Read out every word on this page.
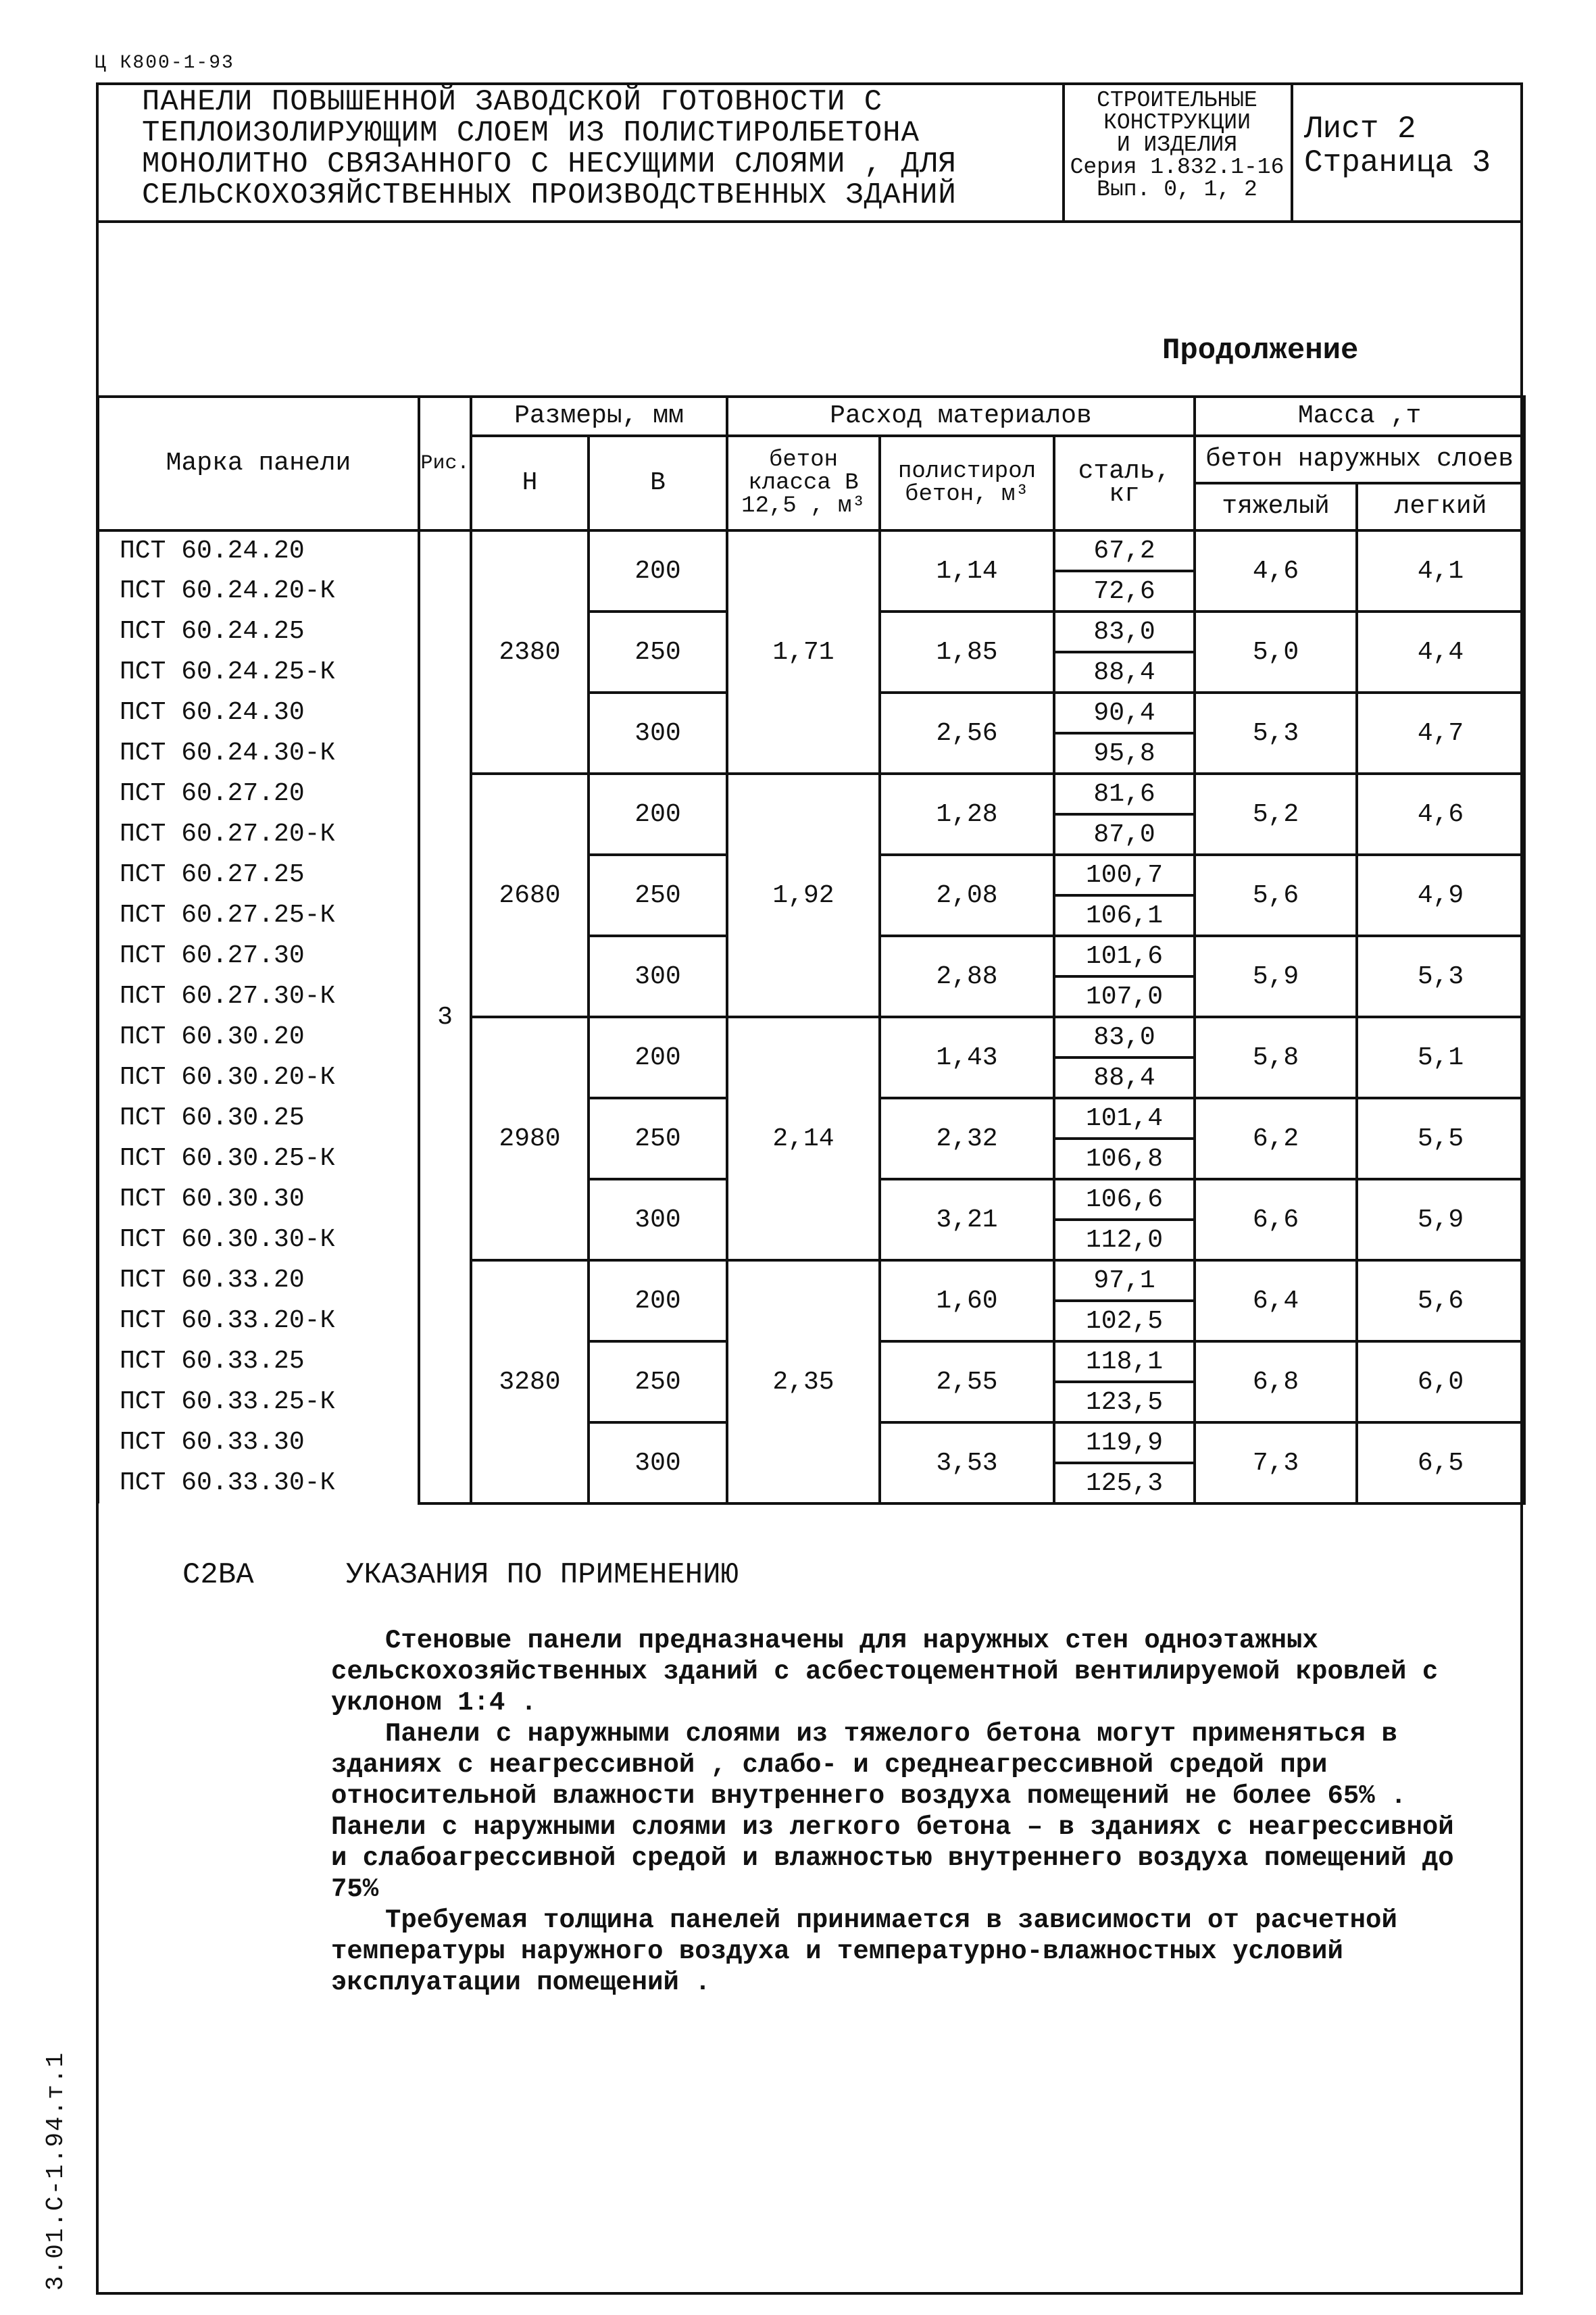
Ц К800-1-93
3.01.С-1.94.т.1
ПАНЕЛИ ПОВЫШЕННОЙ ЗАВОДСКОЙ ГОТОВНОСТИ С
ТЕПЛОИЗОЛИРУЮЩИМ СЛОЕМ ИЗ ПОЛИСТИРОЛБЕТОНА
МОНОЛИТНО СВЯЗАННОГО С НЕСУЩИМИ СЛОЯМИ , ДЛЯ
СЕЛЬСКОХОЗЯЙСТВЕННЫХ ПРОИЗВОДСТВЕННЫХ ЗДАНИЙ
СТРОИТЕЛЬНЫЕ
КОНСТРУКЦИИ
И ИЗДЕЛИЯ
Серия 1.832.1-16
Вып. 0, 1, 2
Лист 2
Страница 3
Продолжение
Марка панели	Рис.	Размеры, мм		Расход материалов			Масса ,т	
		Н	В	бетон класса В 12,5 , м³	полистирол бетон, м³	сталь, кг	бетон наружных слоев	
							тяжелый	легкий
ПСТ 60.24.20	3	2380	200	1,71	1,14	67,2	4,6	4,1
ПСТ 60.24.20-К						72,6		
ПСТ 60.24.25			250		1,85	83,0	5,0	4,4
ПСТ 60.24.25-К						88,4		
ПСТ 60.24.30			300		2,56	90,4	5,3	4,7
ПСТ 60.24.30-К						95,8		
ПСТ 60.27.20		2680	200	1,92	1,28	81,6	5,2	4,6
ПСТ 60.27.20-К						87,0		
ПСТ 60.27.25			250		2,08	100,7	5,6	4,9
ПСТ 60.27.25-К						106,1		
ПСТ 60.27.30			300		2,88	101,6	5,9	5,3
ПСТ 60.27.30-К						107,0		
ПСТ 60.30.20		2980	200	2,14	1,43	83,0	5,8	5,1
ПСТ 60.30.20-К						88,4		
ПСТ 60.30.25			250		2,32	101,4	6,2	5,5
ПСТ 60.30.25-К						106,8		
ПСТ 60.30.30			300		3,21	106,6	6,6	5,9
ПСТ 60.30.30-К						112,0		
ПСТ 60.33.20		3280	200	2,35	1,60	97,1	6,4	5,6
ПСТ 60.33.20-К						102,5		
ПСТ 60.33.25			250		2,55	118,1	6,8	6,0
ПСТ 60.33.25-К						123,5		
ПСТ 60.33.30			300		3,53	119,9	7,3	6,5
ПСТ 60.33.30-К						125,3		
С2ВА	УКАЗАНИЯ ПО ПРИМЕНЕНИЮ

Стеновые панели предназначены для наружных стен одноэтажных сельскохозяйственных зданий с асбестоцементной вентилируемой кровлей с уклоном 1:4 .

Панели с наружными слоями из тяжелого бетона могут применяться в зданиях с неагрессивной , слабо- и среднеагрессивной средой при относительной влажности внутреннего воздуха помещений не более 65% . Панели с наружными слоями из легкого бетона – в зданиях с неагрессивной и слабоагрессивной средой и влажностью внутреннего воздуха помещений до 75%

Требуемая толщина панелей принимается в зависимости от расчетной температуры наружного воздуха и температурно-влажностных условий эксплуатации помещений .
